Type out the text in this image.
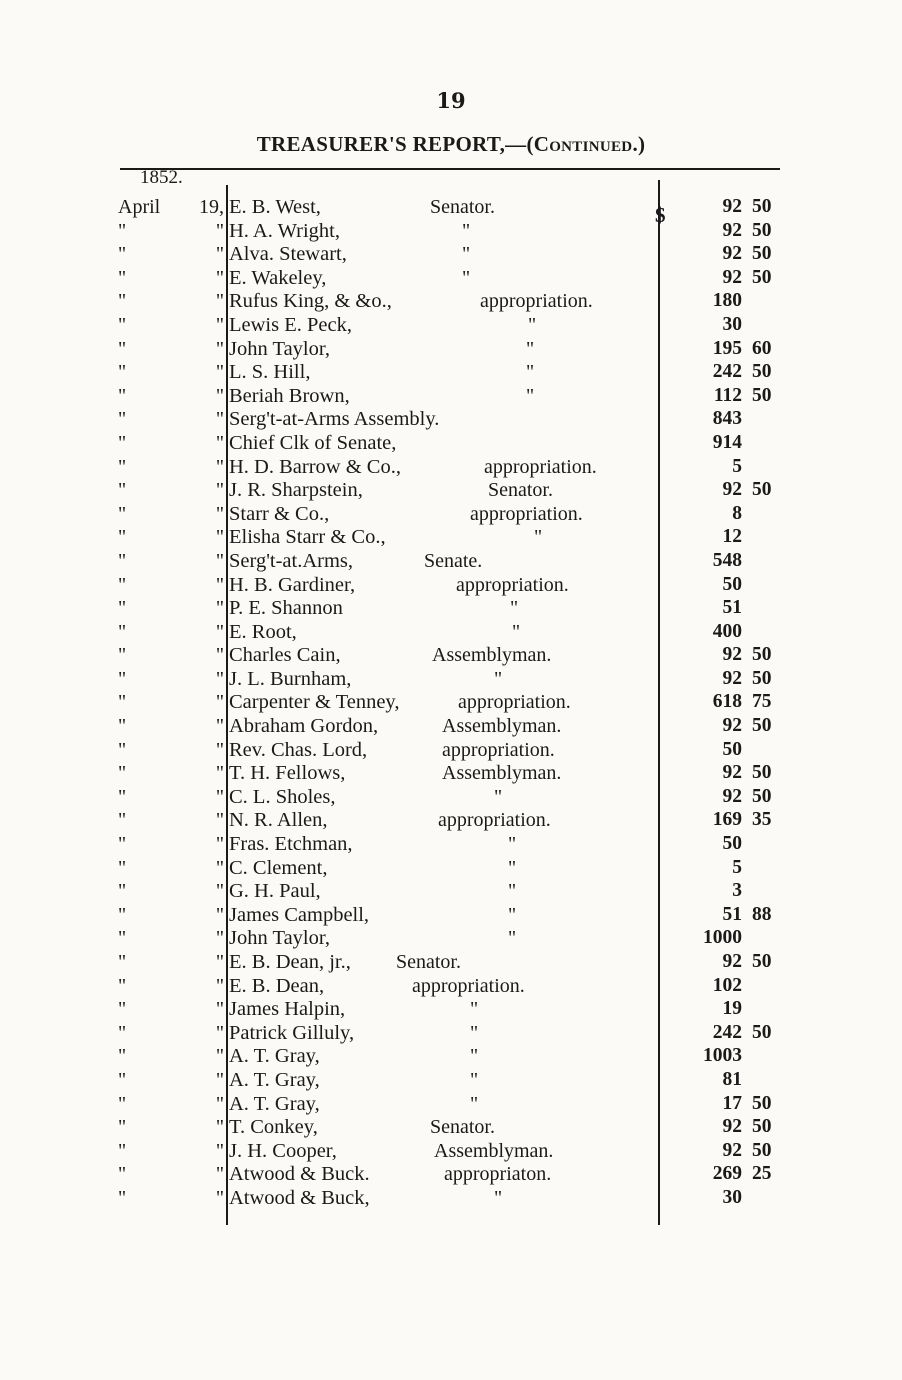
19
TREASURER'S REPORT,—(Continued.)
1852.
$
April	19, E. B. West,	Senator.	92 50
"	" H. A. Wright,	"	92 50
"	" Alva. Stewart,	"	92 50
"	" E. Wakeley,	"	92 50
"	" Rufus King, & &o.,	appropriation.	180
"	" Lewis E. Peck,	"	30
"	" John Taylor,	"	195 60
"	" L. S. Hill,	"	242 50
"	" Beriah Brown,	"	112 50
"	" Serg't-at-Arms Assembly.	843
"	" Chief Clk of Senate,	914
"	" H. D. Barrow & Co.,	appropriation.	5
"	" J. R. Sharpstein,	Senator.	92 50
"	" Starr & Co.,	appropriation.	8
"	" Elisha Starr & Co.,	"	12
"	" Serg't-at.Arms,	Senate.	548
"	" H. B. Gardiner,	appropriation.	50
"	" P. E. Shannon	"	51
"	" E. Root,	"	400
"	" Charles Cain,	Assemblyman.	92 50
"	" J. L. Burnham,	"	92 50
"	" Carpenter & Tenney,	appropriation.	618 75
"	" Abraham Gordon,	Assemblyman.	92 50
"	" Rev. Chas. Lord,	appropriation.	50
"	" T. H. Fellows,	Assemblyman.	92 50
"	" C. L. Sholes,	"	92 50
"	" N. R. Allen,	appropriation.	169 35
"	" Fras. Etchman,	"	50
"	" C. Clement,	"	5
"	" G. H. Paul,	"	3
"	" James Campbell,	"	51 88
"	" John Taylor,	"	1000
"	" E. B. Dean, jr., Senator.	92 50
"	" E. B. Dean,	appropriation.	102
"	" James Halpin,	"	19
"	" Patrick Gilluly,	"	242 50
"	" A. T. Gray,	"	1003
"	" A. T. Gray,	"	81
"	" A. T. Gray,	"	17 50
"	" T. Conkey,	Senator.	92 50
"	" J. H. Cooper,	Assemblyman.	92 50
"	" Atwood & Buck.	appropriaton.	269 25
"	" Atwood & Buck,	"	30
